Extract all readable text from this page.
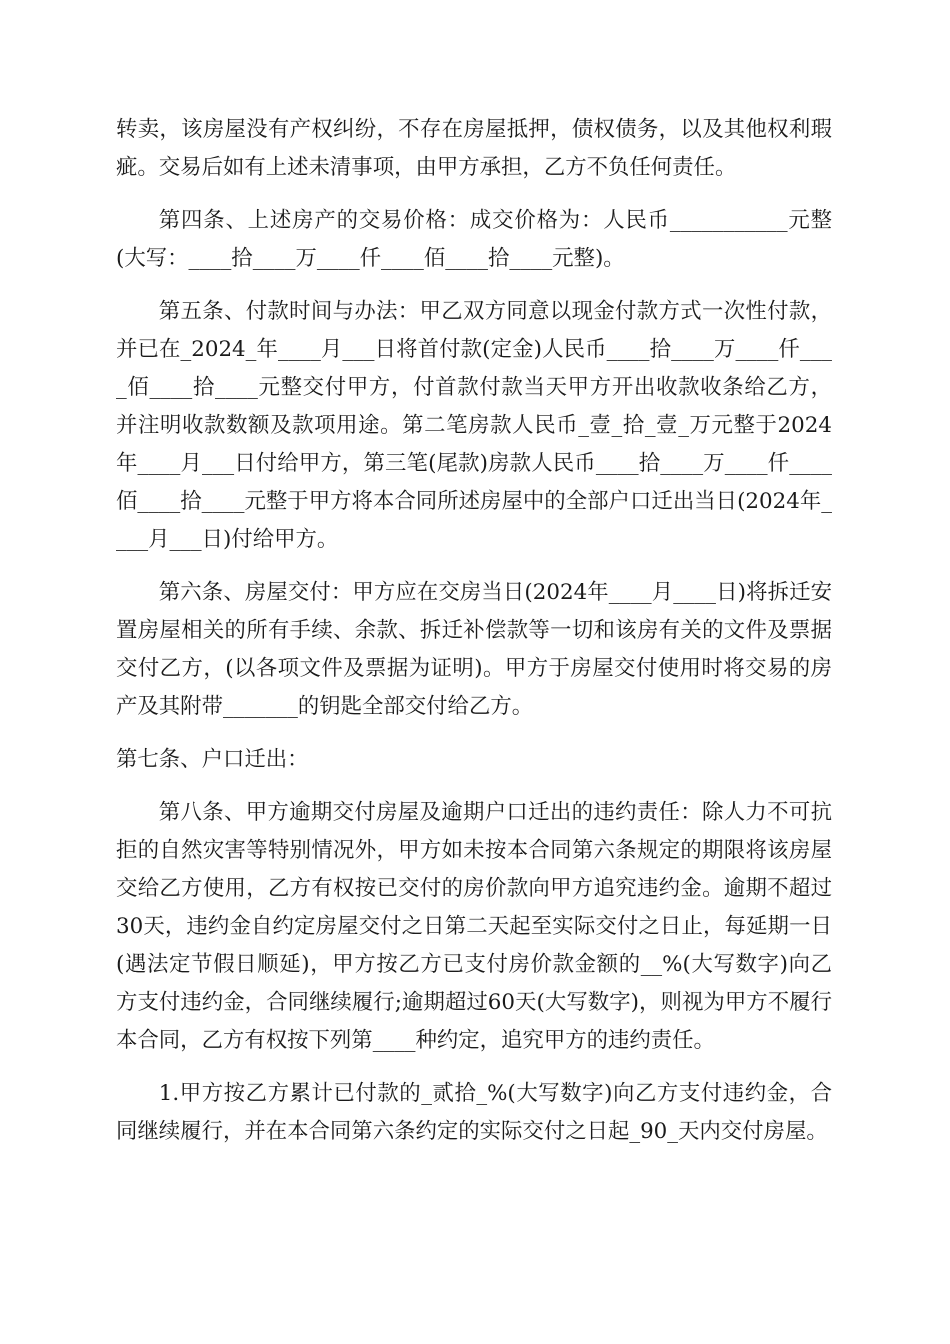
转卖，该房屋没有产权纠纷，不存在房屋抵押，债权债务，以及其他权利瑕疵。交易后如有上述未清事项，由甲方承担，乙方不负任何责任。

第四条、上述房产的交易价格：成交价格为：人民币___________元整(大写：____拾____万____仟____佰____拾____元整)。

第五条、付款时间与办法：甲乙双方同意以现金付款方式一次性付款，并已在_2024_年____月___日将首付款(定金)人民币____拾____万____仟____佰____拾____元整交付甲方，付首款付款当天甲方开出收款收条给乙方，并注明收款数额及款项用途。第二笔房款人民币_壹_拾_壹_万元整于2024年____月___日付给甲方，第三笔(尾款)房款人民币____拾____万____仟____佰____拾____元整于甲方将本合同所述房屋中的全部户口迁出当日(2024年____月___日)付给甲方。

第六条、房屋交付：甲方应在交房当日(2024年____月____日)将拆迁安置房屋相关的所有手续、余款、拆迁补偿款等一切和该房有关的文件及票据交付乙方，(以各项文件及票据为证明)。甲方于房屋交付使用时将交易的房产及其附带_______的钥匙全部交付给乙方。

第七条、户口迁出：

第八条、甲方逾期交付房屋及逾期户口迁出的违约责任：除人力不可抗拒的自然灾害等特别情况外，甲方如未按本合同第六条规定的期限将该房屋交给乙方使用，乙方有权按已交付的房价款向甲方追究违约金。逾期不超过30天，违约金自约定房屋交付之日第二天起至实际交付之日止，每延期一日(遇法定节假日顺延)，甲方按乙方已支付房价款金额的__%(大写数字)向乙方支付违约金，合同继续履行;逾期超过60天(大写数字)，则视为甲方不履行本合同，乙方有权按下列第____种约定，追究甲方的违约责任。

1.甲方按乙方累计已付款的_贰拾_%(大写数字)向乙方支付违约金，合同继续履行，并在本合同第六条约定的实际交付之日起_90_天内交付房屋。
